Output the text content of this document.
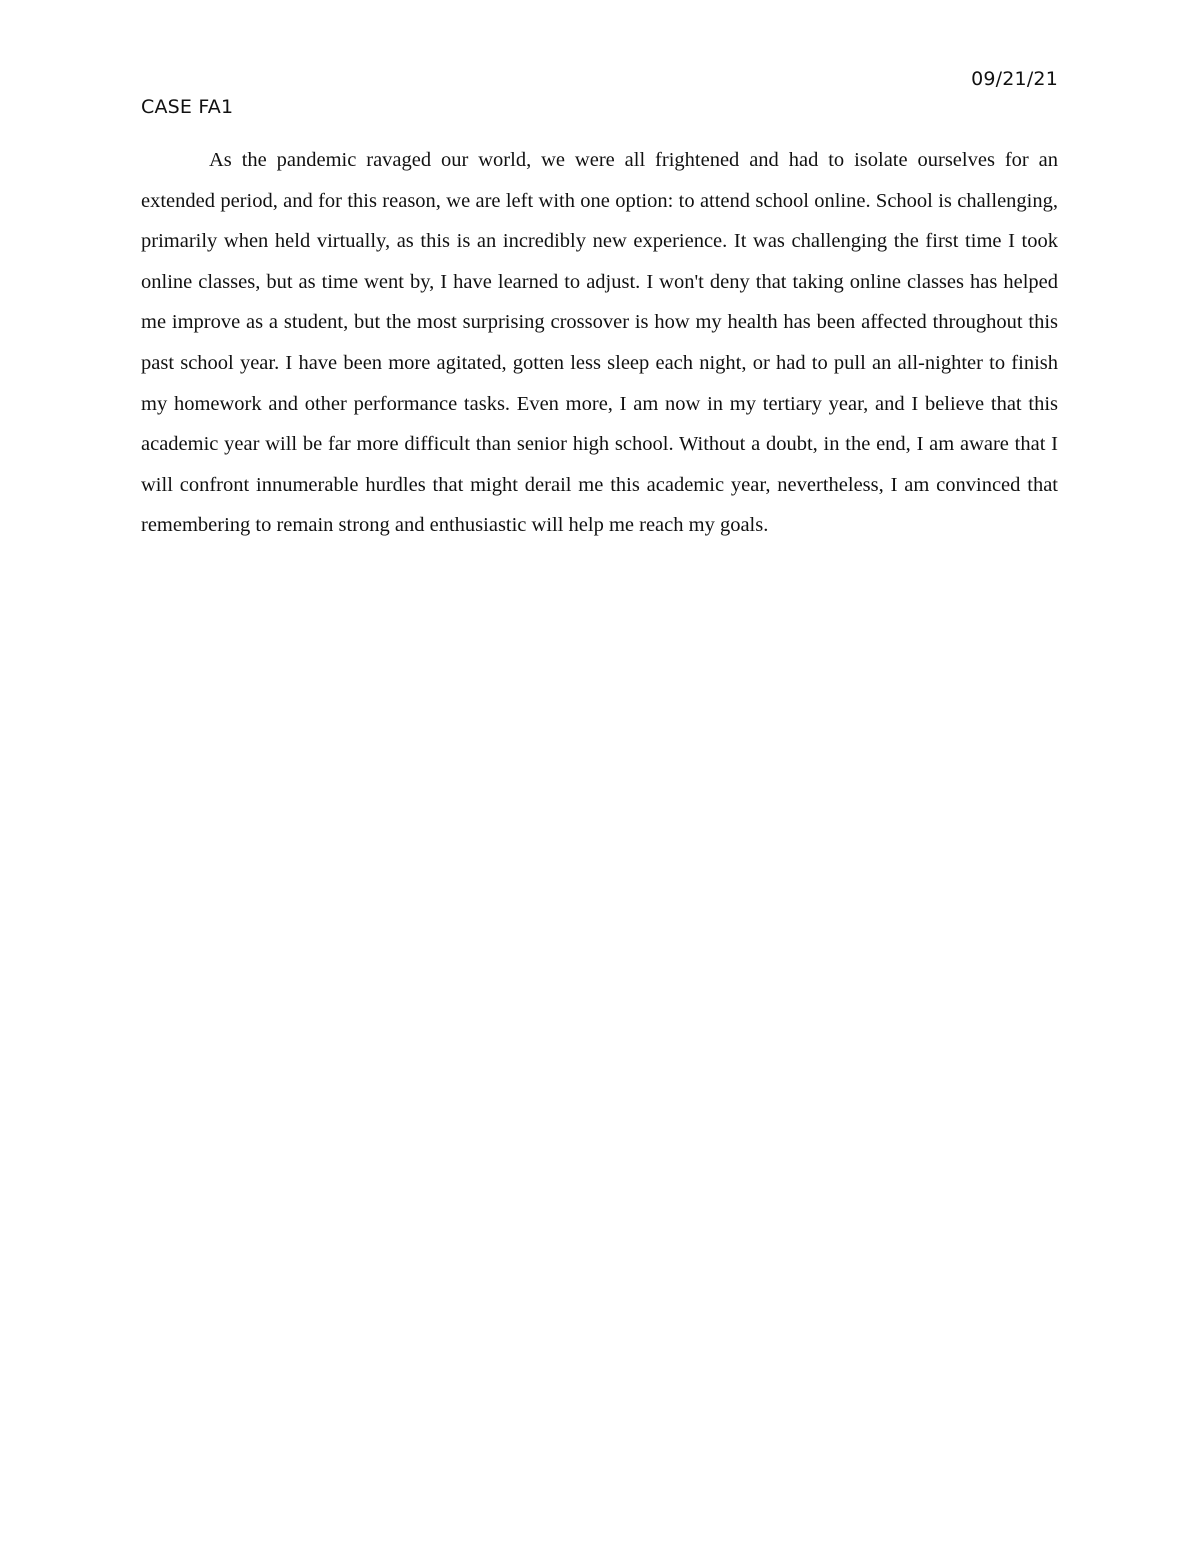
09/21/21
CASE FA1

As the pandemic ravaged our world, we were all frightened and had to isolate ourselves for an extended period, and for this reason, we are left with one option: to attend school online. School is challenging, primarily when held virtually, as this is an incredibly new experience. It was challenging the first time I took online classes, but as time went by, I have learned to adjust. I won't deny that taking online classes has helped me improve as a student, but the most surprising crossover is how my health has been affected throughout this past school year. I have been more agitated, gotten less sleep each night, or had to pull an all-nighter to finish my homework and other performance tasks. Even more, I am now in my tertiary year, and I believe that this academic year will be far more difficult than senior high school. Without a doubt, in the end, I am aware that I will confront innumerable hurdles that might derail me this academic year, nevertheless, I am convinced that remembering to remain strong and enthusiastic will help me reach my goals.
